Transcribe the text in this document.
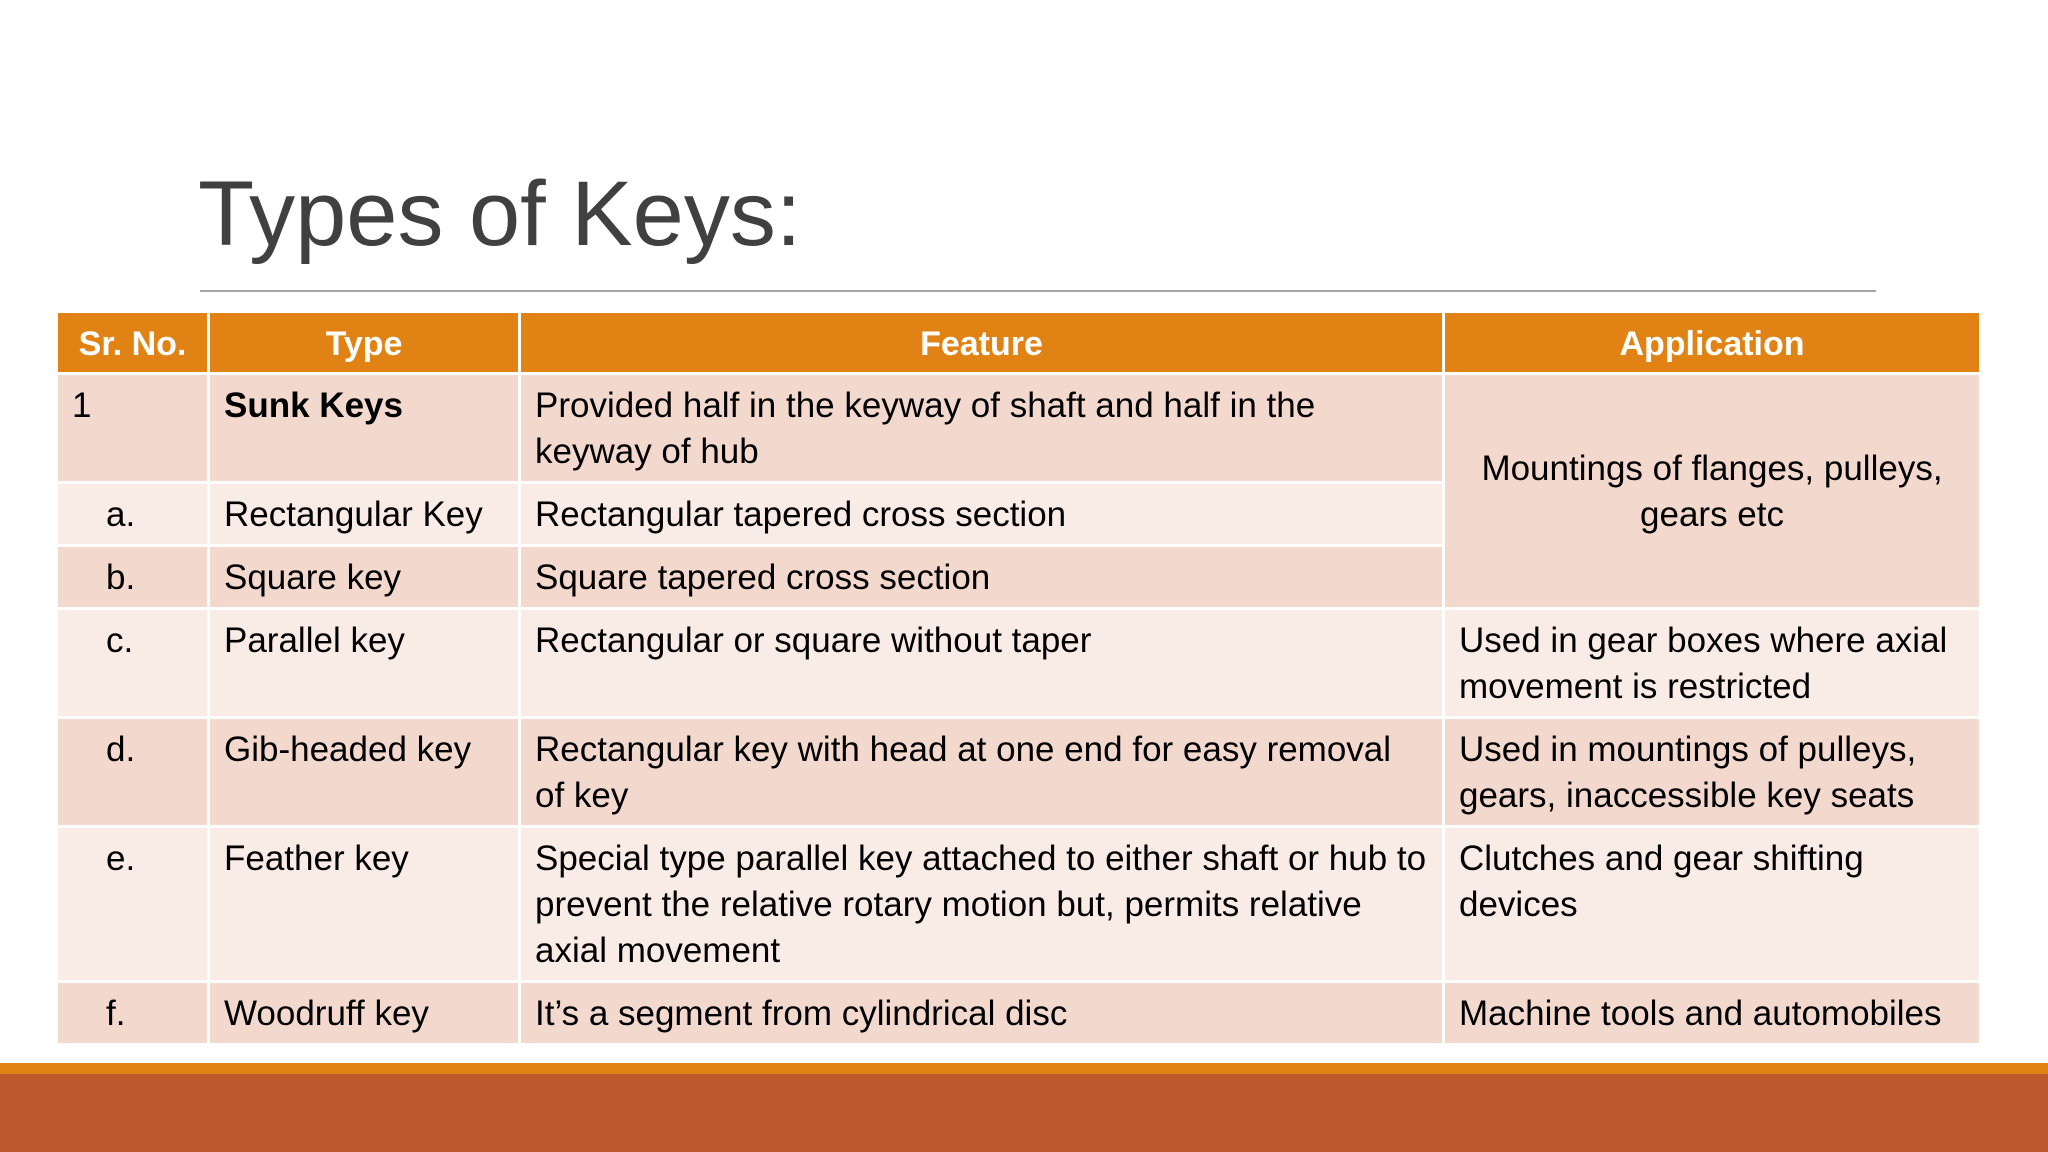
Types of Keys:
Sr. No.	Type	Feature	Application
1	Sunk Keys	Provided half in the keyway of shaft and half in the keyway of hub	Mountings of flanges, pulleys, gears etc
a.	Rectangular Key	Rectangular tapered cross section	
b.	Square key	Square tapered cross section	
c.	Parallel key	Rectangular or square without taper	Used in gear boxes where axial movement is restricted
d.	Gib-headed key	Rectangular key with head at one end for easy removal of key	Used in mountings of pulleys, gears, inaccessible key seats
e.	Feather key	Special type parallel key attached to either shaft or hub to prevent the relative rotary motion but, permits relative axial movement	Clutches and gear shifting devices
f.	Woodruff key	It’s a segment from cylindrical disc	Machine tools and automobiles
